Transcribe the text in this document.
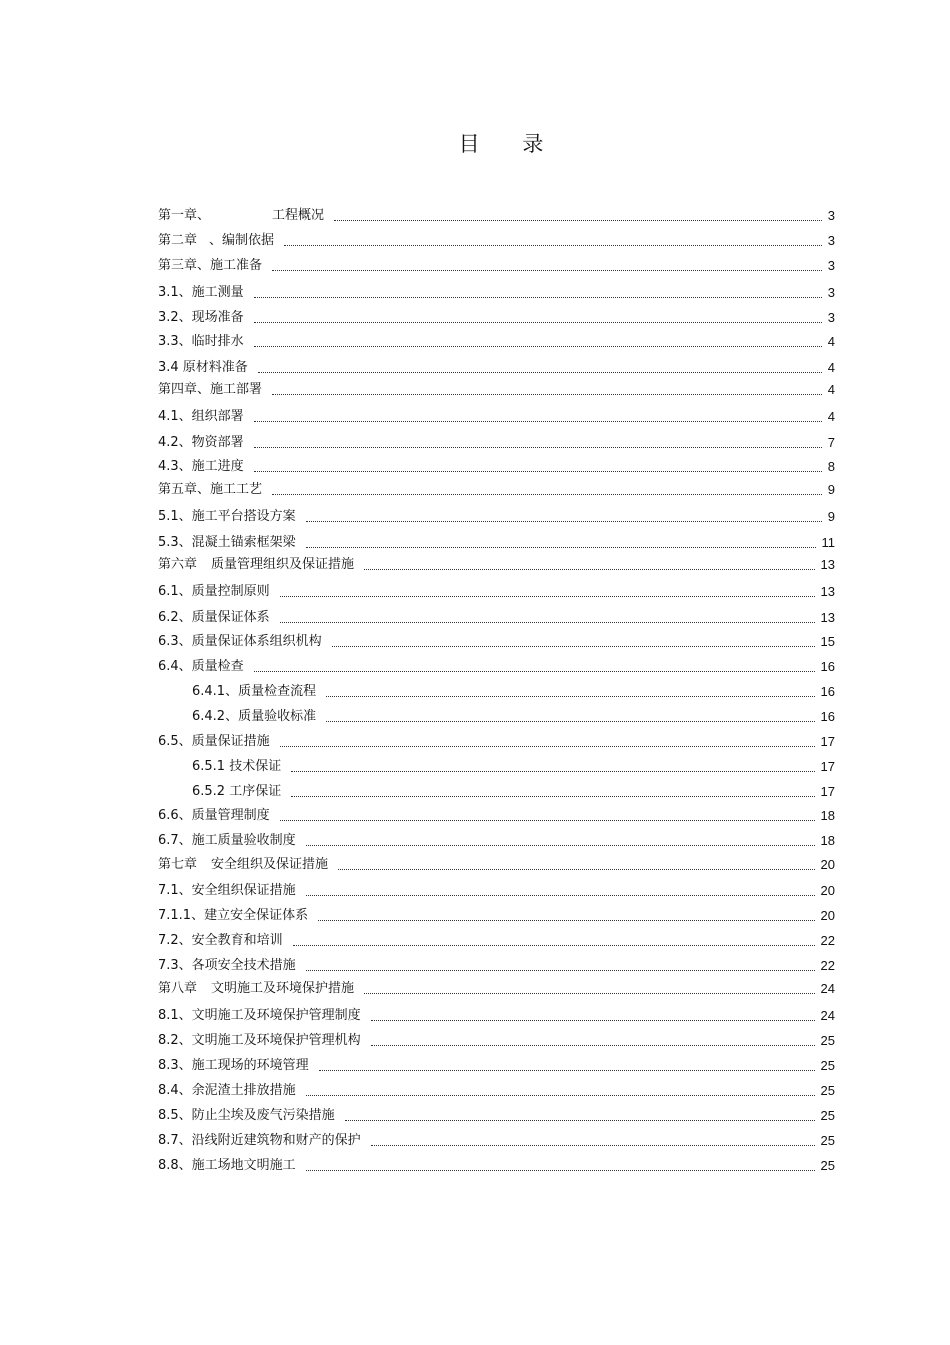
目 录
第一章、	工程概况	3
第二章 、编制依据	3
第三章、施工准备	3
3.1、施工测量	3
3.2、现场准备	3
3.3、临时排水	4
3.4 原材料准备	4
第四章、施工部署	4
4.1、组织部署	4
4.2、物资部署	7
4.3、施工进度	8
第五章、施工工艺	9
5.1、施工平台搭设方案	9
5.3、混凝土锚索框架梁	11
第六章 质量管理组织及保证措施	13
6.1、质量控制原则	13
6.2、质量保证体系	13
6.3、质量保证体系组织机构	15
6.4、质量检查	16
6.4.1、质量检查流程	16
6.4.2、质量验收标准	16
6.5、质量保证措施	17
6.5.1 技术保证	17
6.5.2 工序保证	17
6.6、质量管理制度	18
6.7、施工质量验收制度	18
第七章 安全组织及保证措施	20
7.1、安全组织保证措施	20
7.1.1、建立安全保证体系	20
7.2、安全教育和培训	22
7.3、各项安全技术措施	22
第八章 文明施工及环境保护措施	24
8.1、文明施工及环境保护管理制度	24
8.2、文明施工及环境保护管理机构	25
8.3、施工现场的环境管理	25
8.4、余泥渣土排放措施	25
8.5、防止尘埃及废气污染措施	25
8.7、沿线附近建筑物和财产的保护	25
8.8、施工场地文明施工	25
